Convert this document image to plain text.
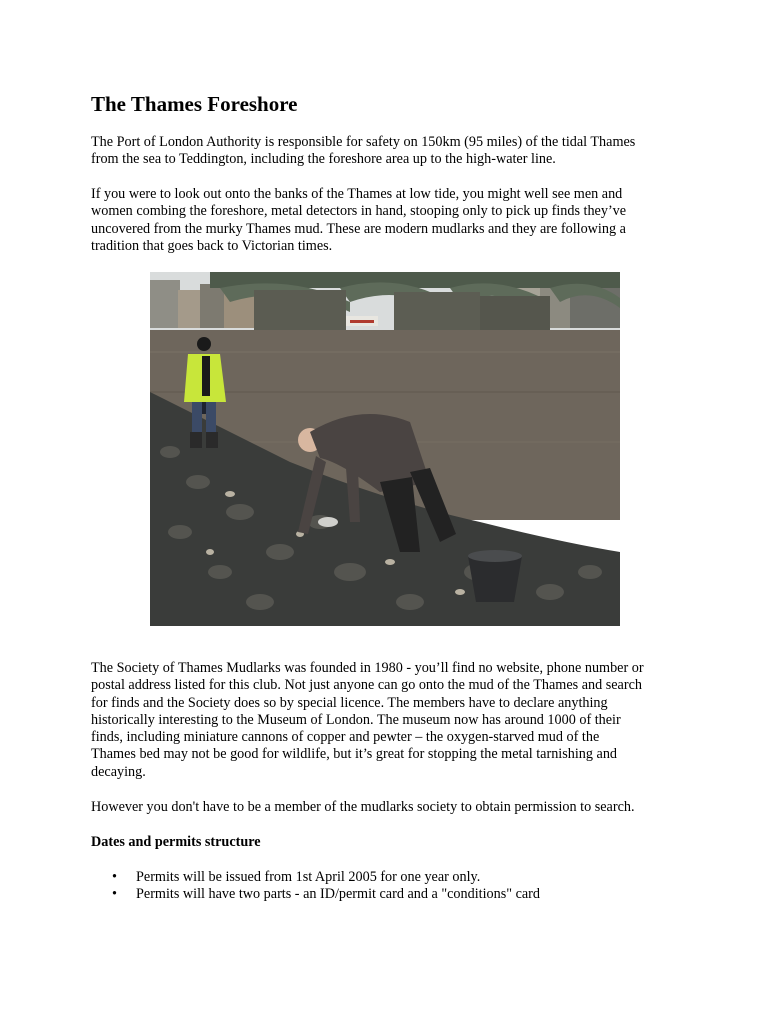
The Thames Foreshore

The Port of London Authority is responsible for safety on 150km (95 miles) of the tidal Thames
from the sea to Teddington, including the foreshore area up to the high-water line.

If you were to look out onto the banks of the Thames at low tide, you might well see men and
women combing the foreshore, metal detectors in hand, stooping only to pick up finds they’ve
uncovered from the murky Thames mud. These are modern mudlarks and they are following a
tradition that goes back to Victorian times.

The Society of Thames Mudlarks was founded in 1980 - you’ll find no website, phone number or
postal address listed for this club. Not just anyone can go onto the mud of the Thames and search
for finds and the Society does so by special licence. The members have to declare anything
historically interesting to the Museum of London. The museum now has around 1000 of their
finds, including miniature cannons of copper and pewter – the oxygen-starved mud of the
Thames bed may not be good for wildlife, but it’s great for stopping the metal tarnishing and
decaying.

However you don't have to be a member of the mudlarks society to obtain permission to search.

Dates and permits structure
• Permits will be issued from 1st April 2005 for one year only.
• Permits will have two parts - an ID/permit card and a "conditions" card
